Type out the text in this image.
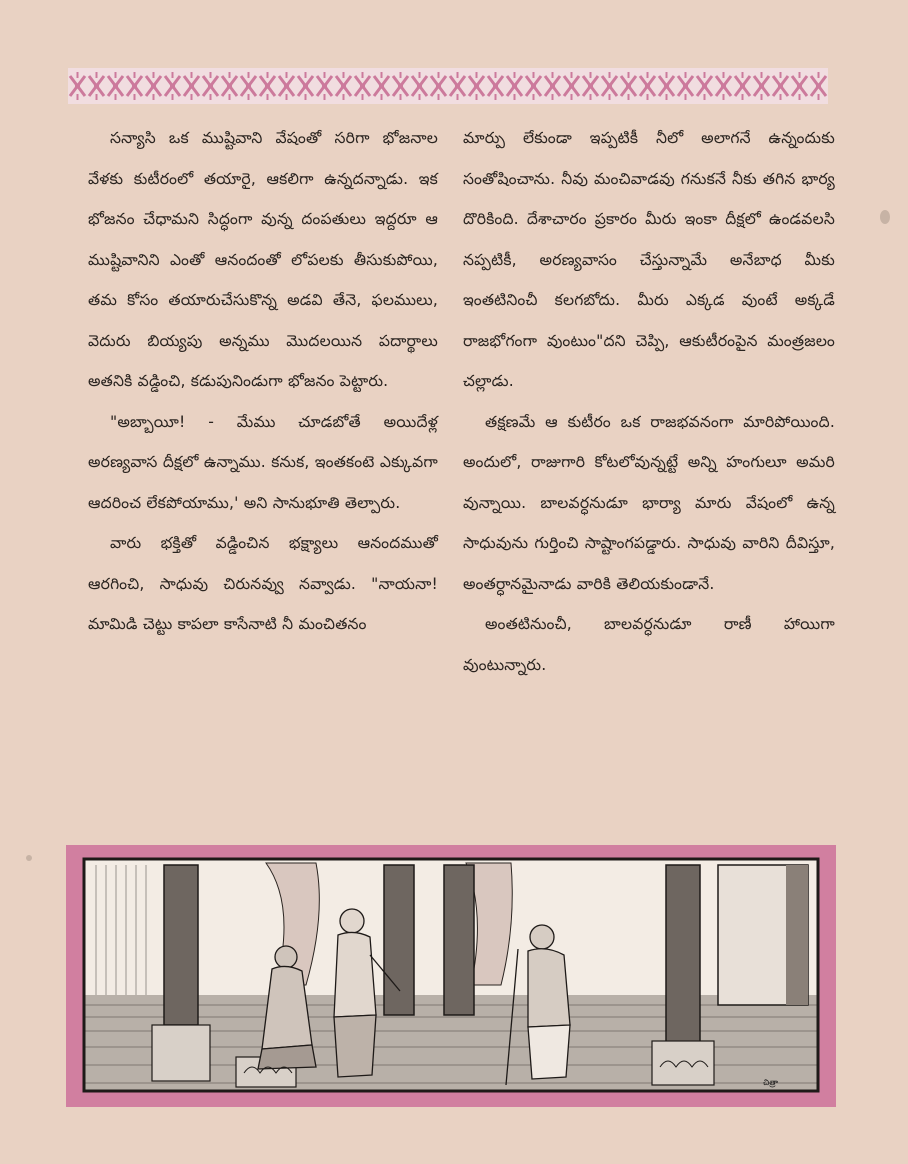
సన్యాసి ఒక ముష్టివాని వేషంతో సరిగా భోజనాల వేళకు కుటీరంలో తయారై, ఆకలిగా ఉన్నదన్నాడు. ఇక భోజనం చేధామని సిద్ధంగా వున్న దంపతులు ఇద్దరూ ఆ ముష్టివానిని ఎంతో ఆనందంతో లోపలకు తీసుకుపోయి, తమ కోసం తయారుచేసుకొన్న అడవి తేనె, ఫలములు, వెదురు బియ్యపు అన్నము మొదలయిన పదార్థాలు అతనికి వడ్డించి, కడుపునిండుగా భోజనం పెట్టారు.

"అబ్బాయీ! - మేము చూడబోతే అయిదేళ్ల అరణ్యవాస దీక్షలో ఉన్నాము. కనుక, ఇంతకంటె ఎక్కువగా ఆదరించ లేకపోయాము,' అని సానుభూతి తెల్పారు.

వారు భక్తితో వడ్డించిన భక్ష్యాలు ఆనందముతో ఆరగించి, సాధువు చిరునవ్వు నవ్వాడు. "నాయనా! మామిడి చెట్టు కాపలా కాసేనాటి నీ మంచితనం

మార్పు లేకుండా ఇప్పటికీ నీలో అలాగనే ఉన్నందుకు సంతోషించాను. నీవు మంచివాడవు గనుకనే నీకు తగిన భార్య దొరికింది. దేశాచారం ప్రకారం మీరు ఇంకా దీక్షలో ఉండవలసి నప్పటికీ, అరణ్యవాసం చేస్తున్నామే అనేబాధ మీకు ఇంతటినించీ కలగబోదు. మీరు ఎక్కడ వుంటే అక్కడే రాజభోగంగా వుంటుం"దని చెప్పి, ఆకుటీరంపైన మంత్రజలం చల్లాడు.

తక్షణమే ఆ కుటీరం ఒక రాజభవనంగా మారిపోయింది. అందులో, రాజుగారి కోటలోవున్నట్టే అన్ని హంగులూ అమరి వున్నాయి. బాలవర్ధనుడూ భార్యా మారు వేషంలో ఉన్న సాధువును గుర్తించి సాష్టాంగపడ్డారు. సాధువు వారిని దీవిస్తూ, అంతర్ధానమైనాడు వారికి తెలియకుండానే.

అంతటినుంచీ, బాలవర్ధనుడూ రాణీ హాయిగా వుంటున్నారు.

చిత్రా
